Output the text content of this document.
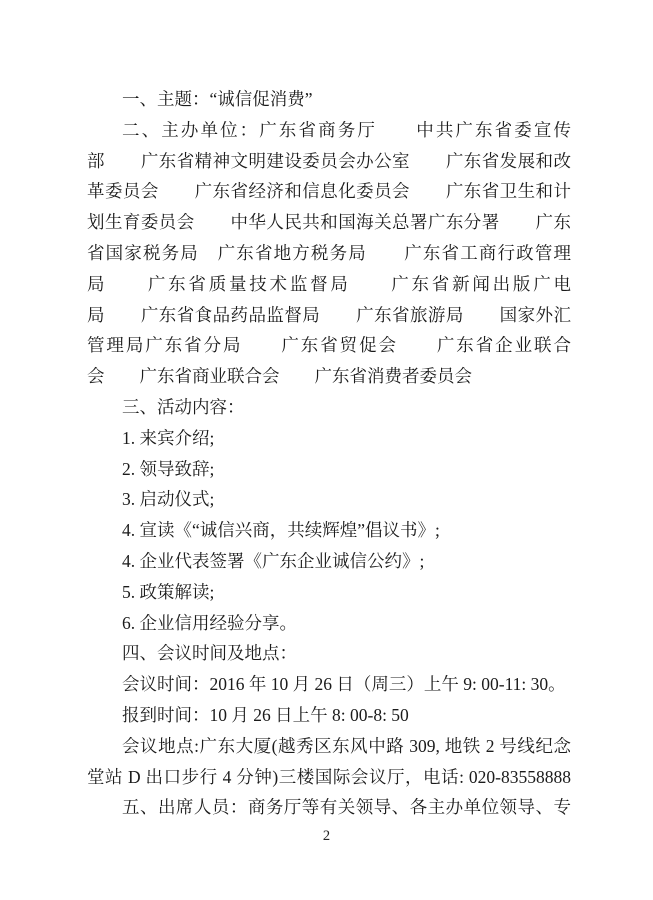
一、主题：“诚信促消费”
二、主办单位：广东省商务厅　　中共广东省委宣传
部　　广东省精神文明建设委员会办公室　　广东省发展和改
革委员会　　广东省经济和信息化委员会　　广东省卫生和计
划生育委员会　　中华人民共和国海关总署广东分署　　广东
省国家税务局　广东省地方税务局　　广东省工商行政管理
局　　广东省质量技术监督局　　广东省新闻出版广电
局　　广东省食品药品监督局　　广东省旅游局　　国家外汇
管理局广东省分局　　广东省贸促会　　广东省企业联合
会　　广东省商业联合会　　广东省消费者委员会
三、活动内容：
1. 来宾介绍;
2. 领导致辞;
3. 启动仪式;
4. 宣读《“诚信兴商，共续辉煌”倡议书》;
4. 企业代表签署《广东企业诚信公约》;
5. 政策解读;
6. 企业信用经验分享。
四、会议时间及地点：
会议时间：2016 年 10 月 26 日（周三）上午 9: 00-11: 30。
报到时间：10 月 26 日上午 8: 00-8: 50
会议地点:广东大厦(越秀区东风中路 309, 地铁 2 号线纪念
堂站 D 出口步行 4 分钟)三楼国际会议厅，电话: 020-83558888
五、出席人员：商务厅等有关领导、各主办单位领导、专
2
